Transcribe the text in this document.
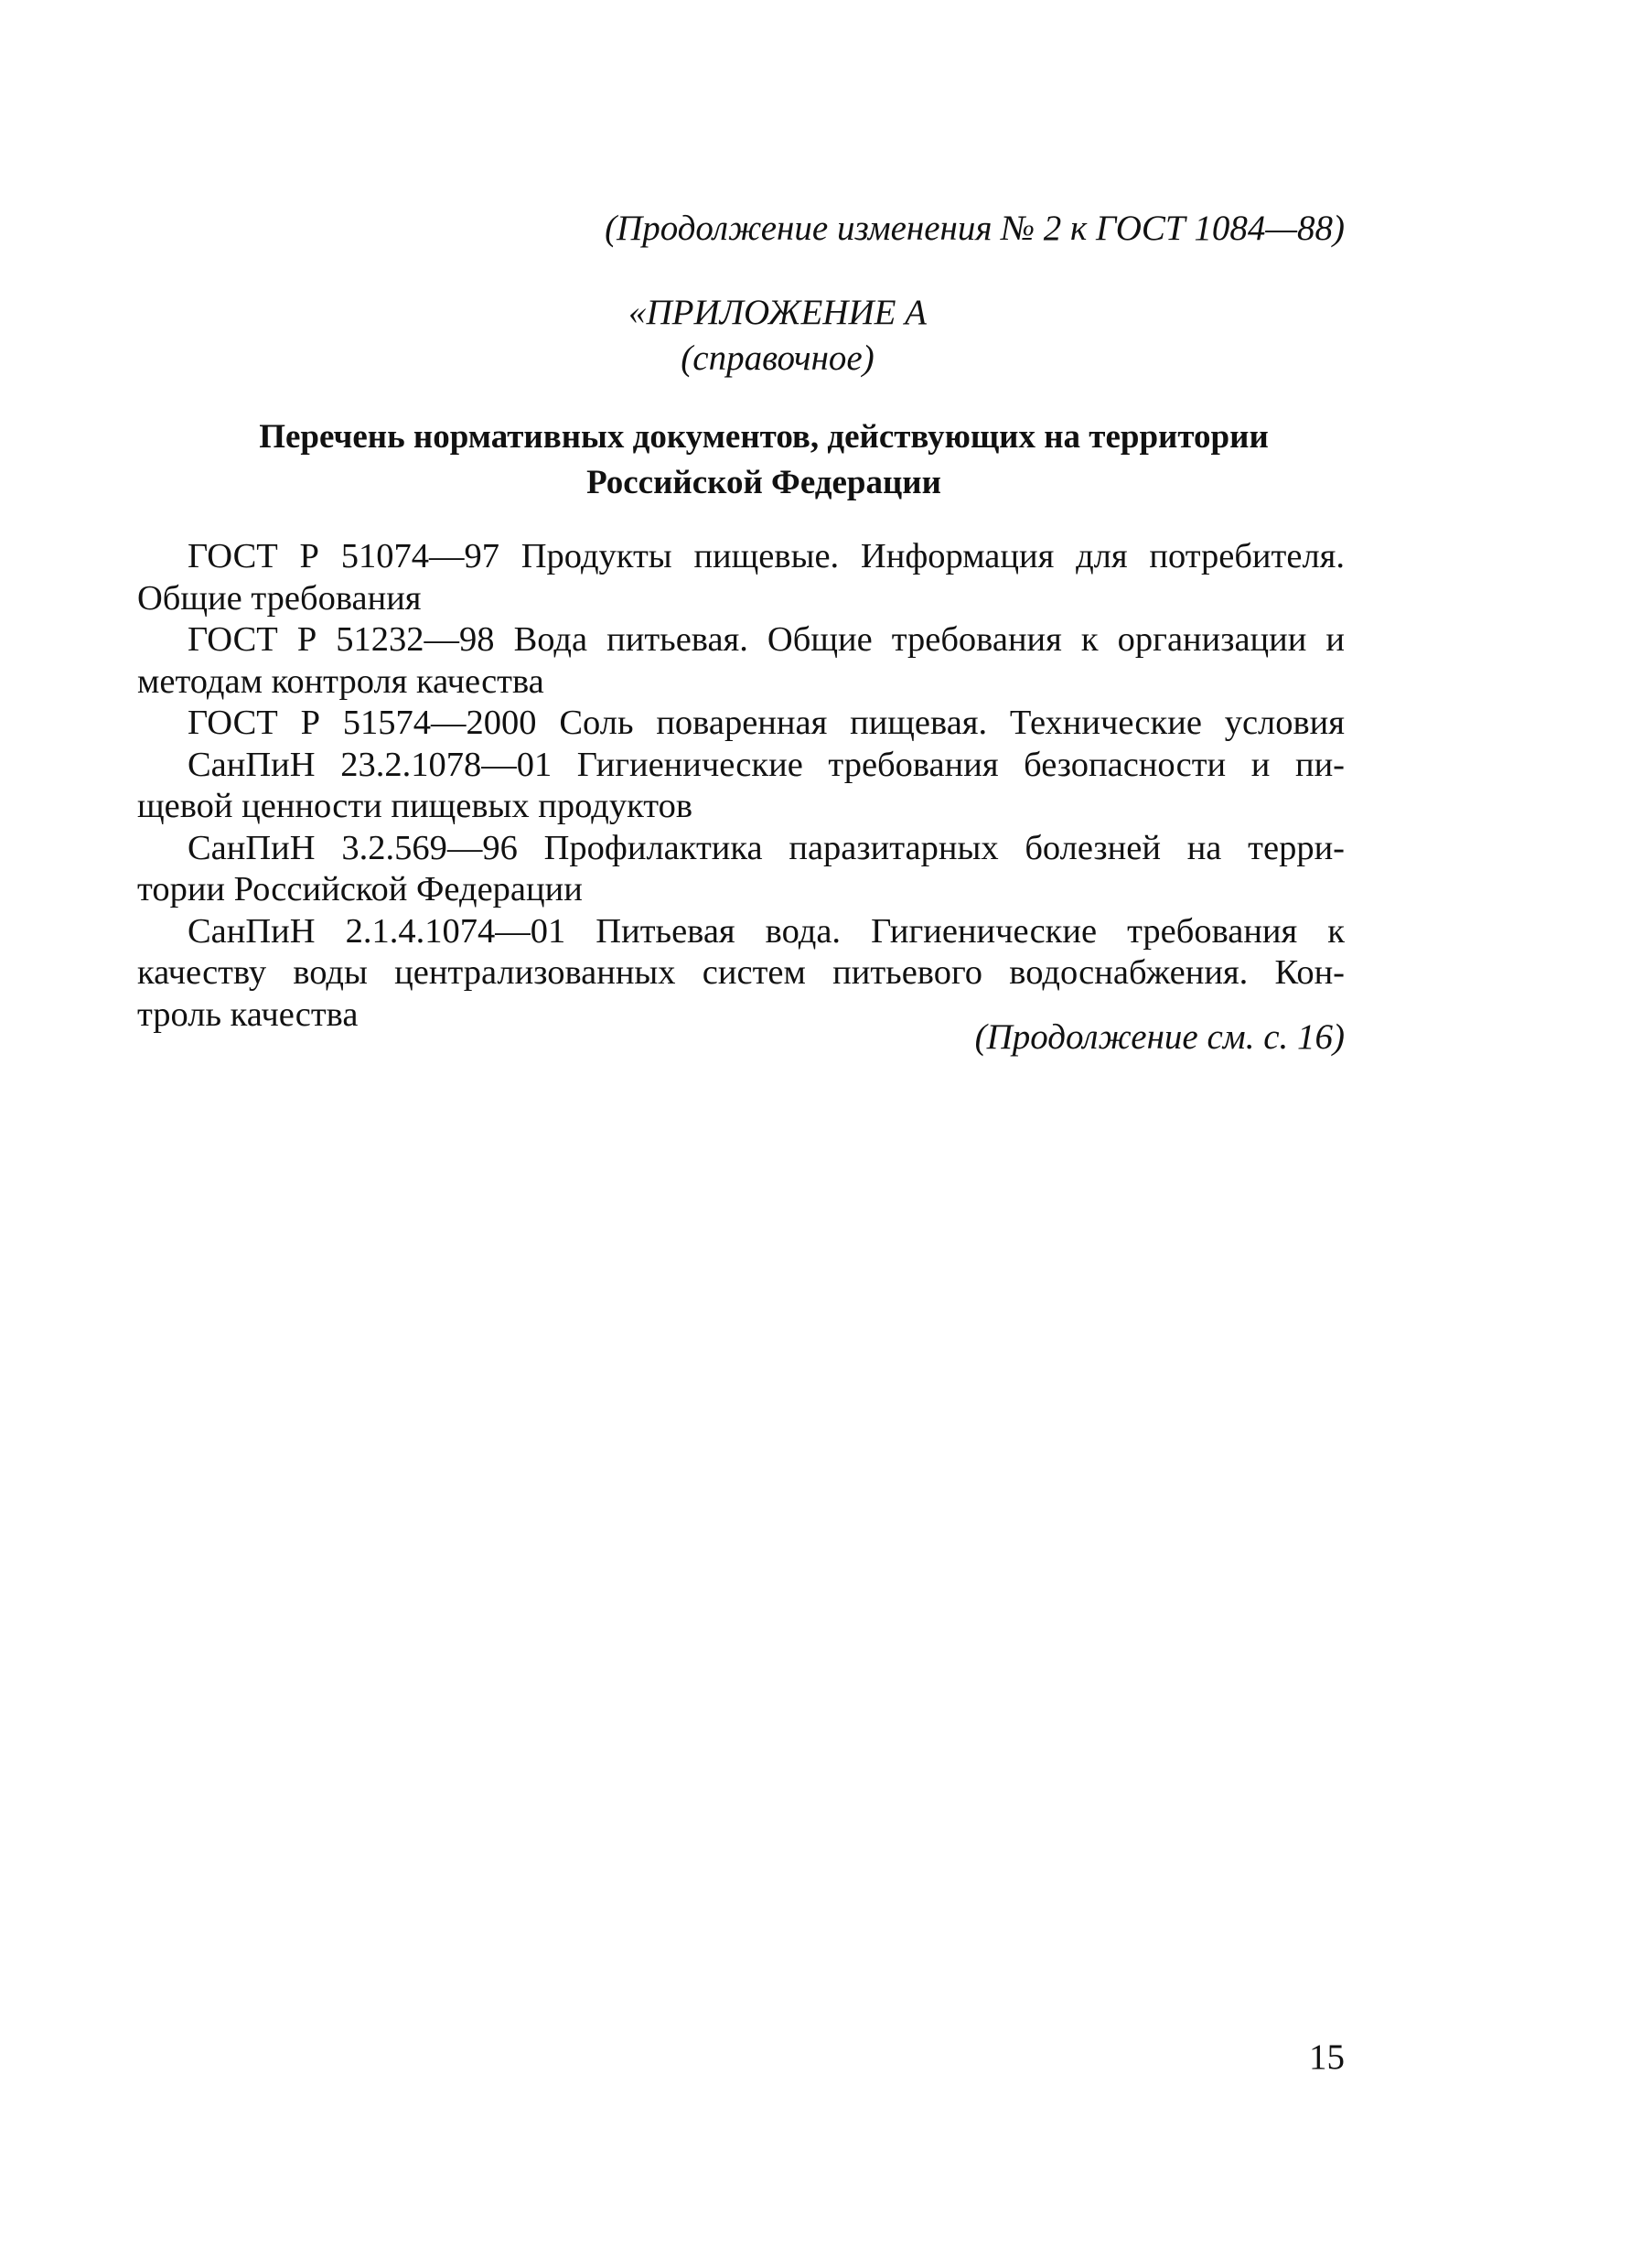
(Продолжение изменения № 2 к ГОСТ 1084—88)
«ПРИЛОЖЕНИЕ А
(справочное)
Перечень нормативных документов, действующих на территории
Российской Федерации

ГОСТ Р 51074—97 Продукты пищевые. Информация для потребителя.
Общие требования

ГОСТ Р 51232—98 Вода питьевая. Общие требования к организации и
методам контроля качества

ГОСТ Р 51574—2000 Соль поваренная пищевая. Технические условия

СанПиН 23.2.1078—01 Гигиенические требования безопасности и пи-
щевой ценности пищевых продуктов

СанПиН 3.2.569—96 Профилактика паразитарных болезней на терри-
тории Российской Федерации

СанПиН 2.1.4.1074—01 Питьевая вода. Гигиенические требования к
качеству воды централизованных систем питьевого водоснабжения. Кон-
троль качества

(Продолжение см. с. 16)
15
